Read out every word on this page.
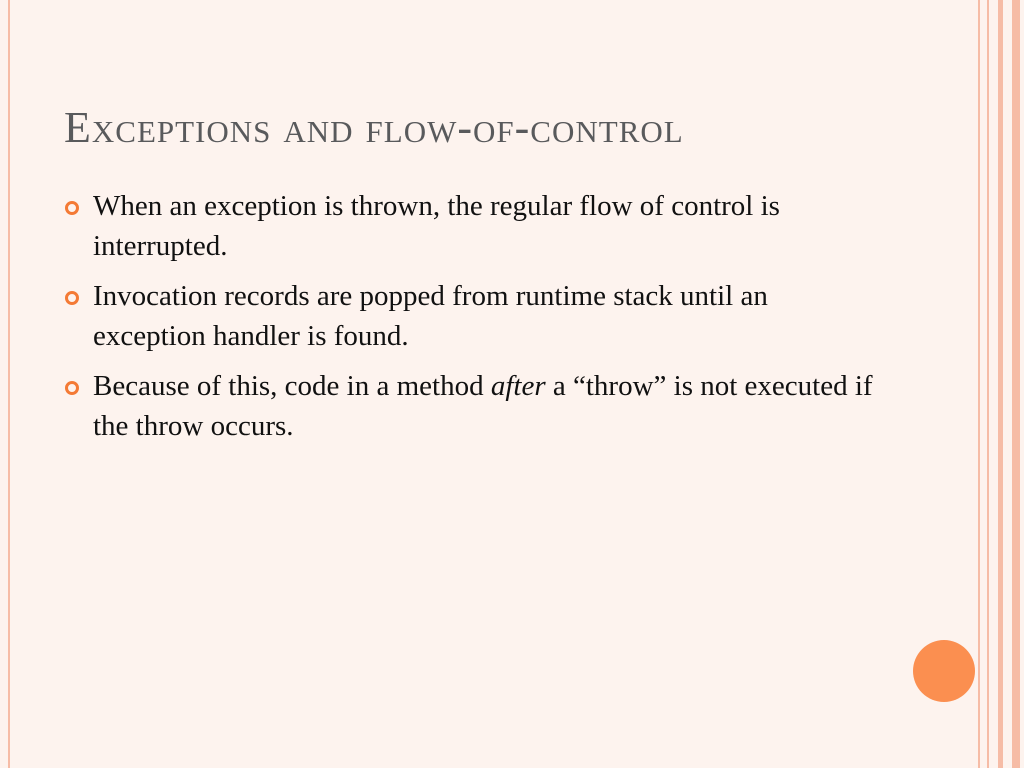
Exceptions and flow-of-control
When an exception is thrown, the regular flow of control is interrupted.
Invocation records are popped from runtime stack until an exception handler is found.
Because of this, code in a method after a “throw” is not executed if the throw occurs.
